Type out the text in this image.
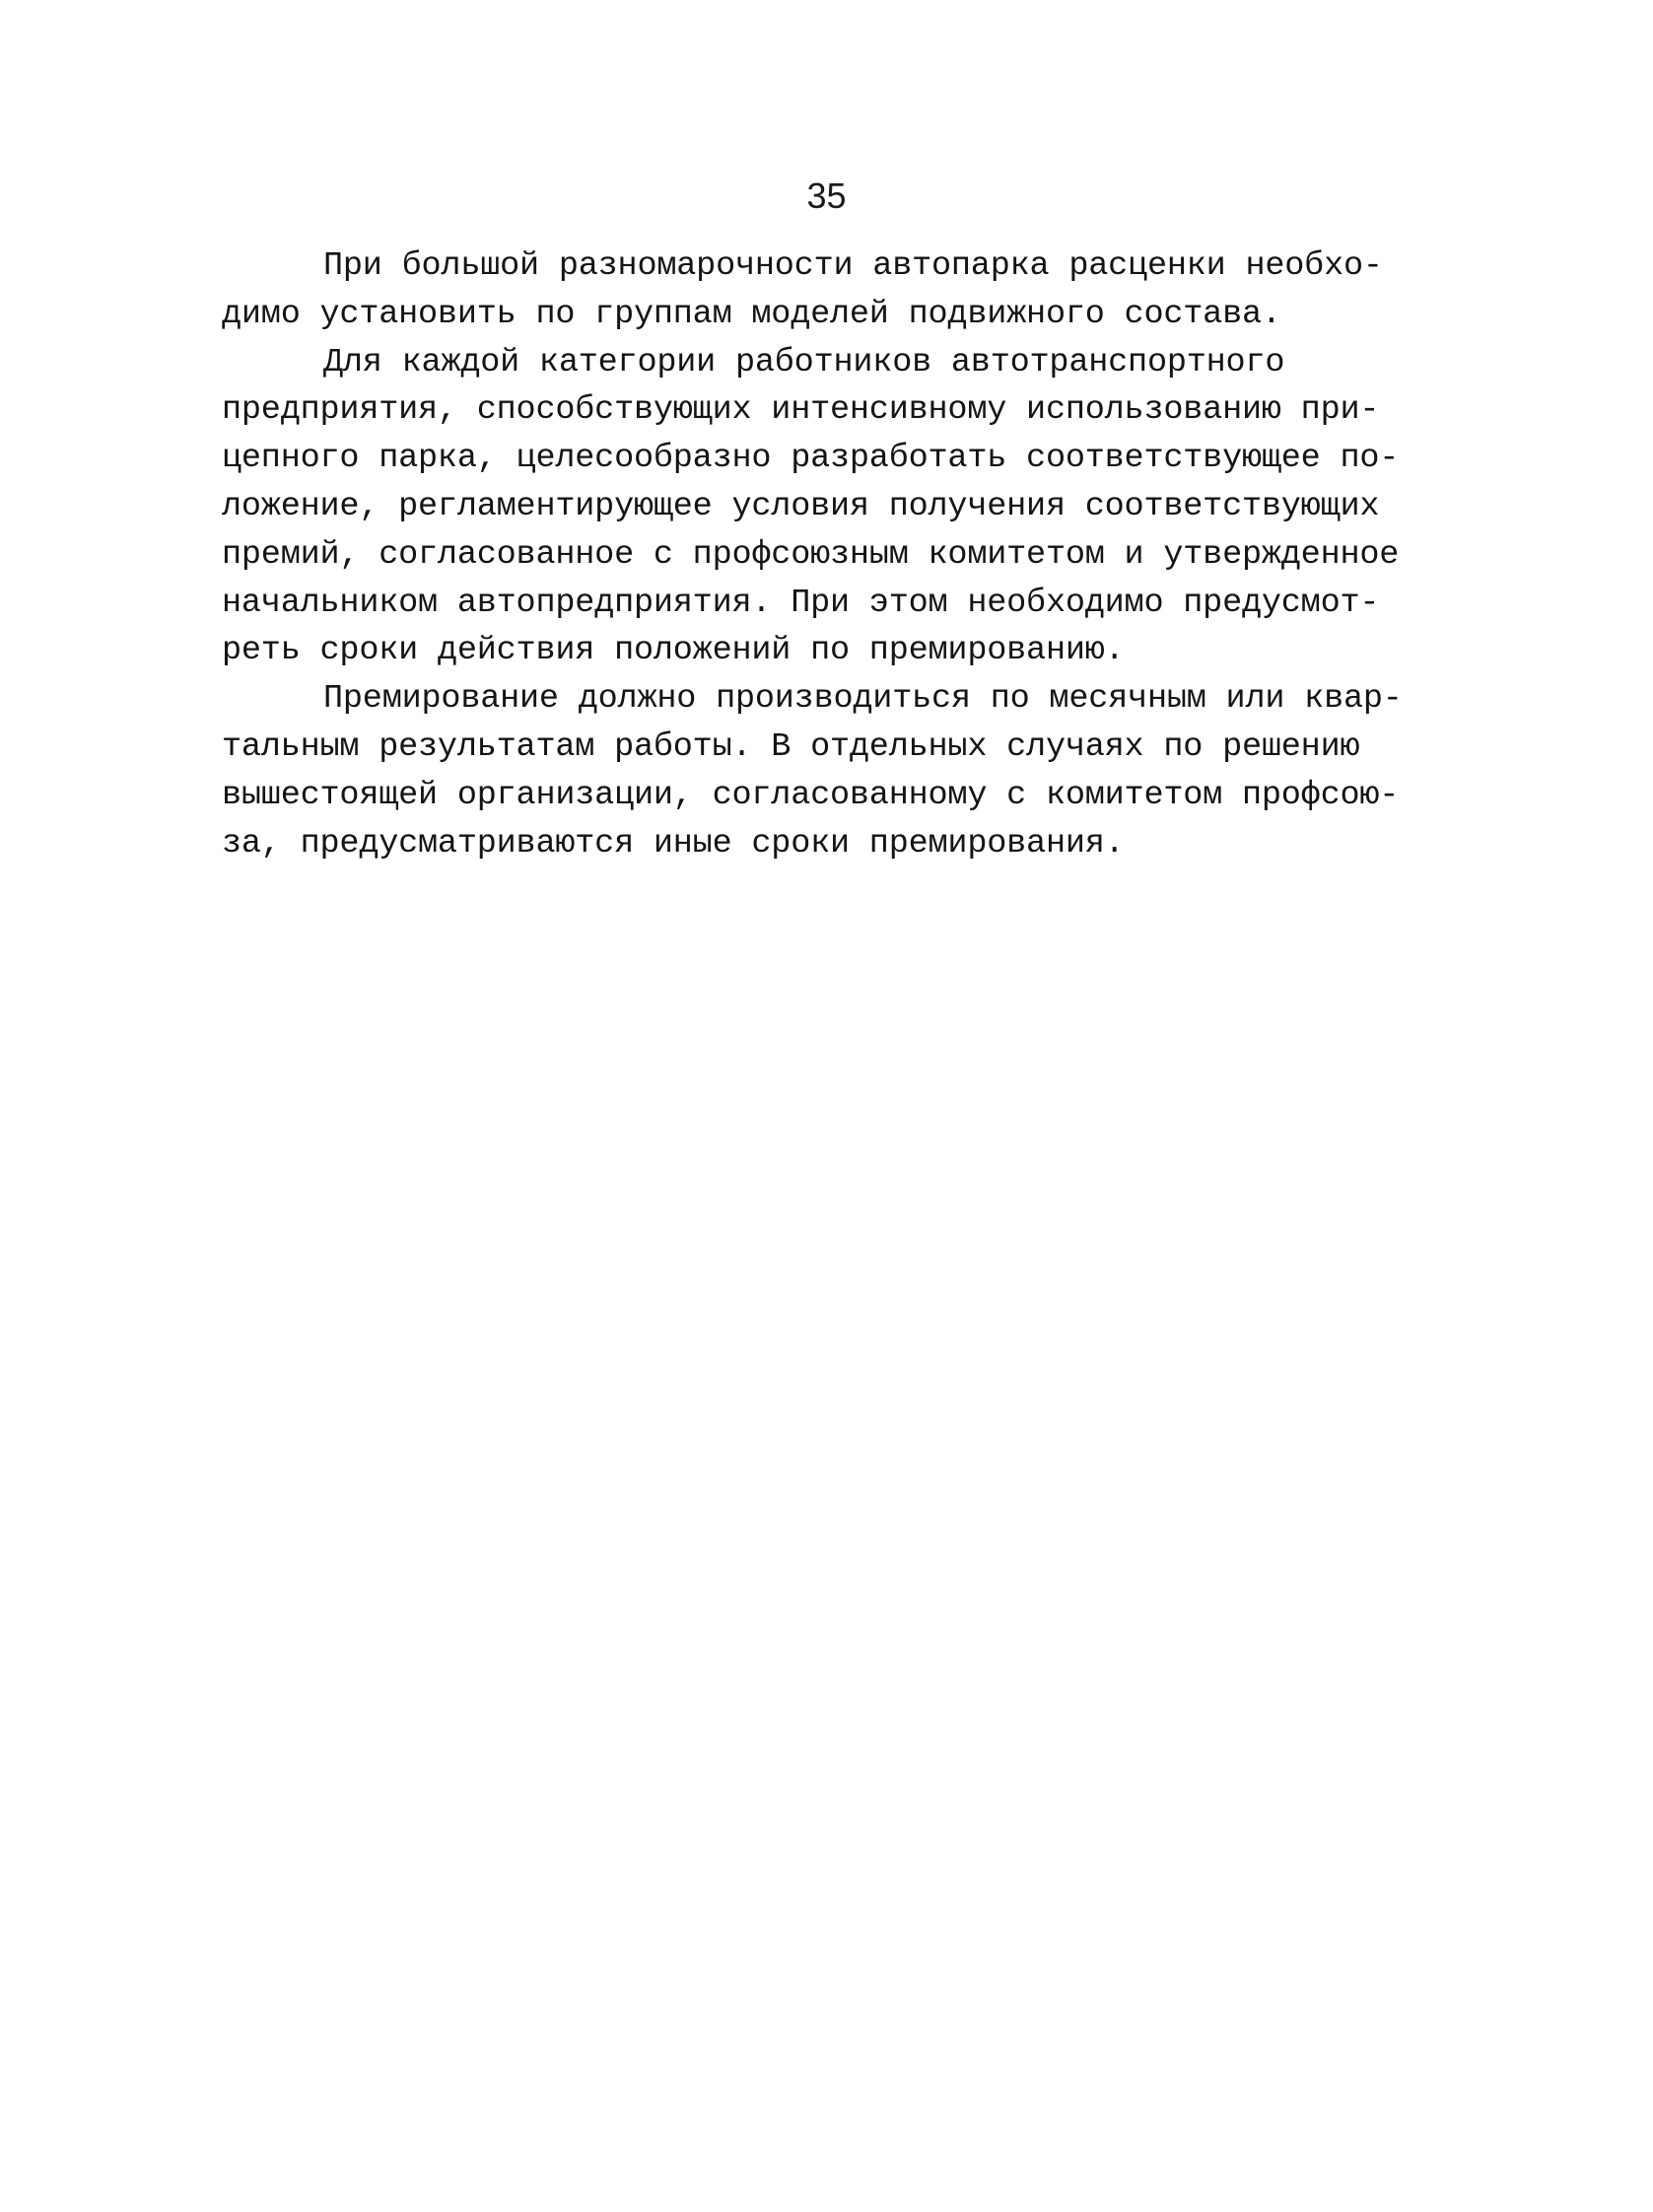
35
При большой разномарочности автопарка расценки необхо-
димо установить по группам моделей подвижного состава.
Для каждой категории работников автотранспортного
предприятия, способствующих интенсивному использованию при-
цепного парка, целесообразно разработать соответствующее по-
ложение, регламентирующее условия получения соответствующих
премий, согласованное с профсоюзным комитетом и утвержденное
начальником автопредприятия. При этом необходимо предусмот-
реть сроки действия положений по премированию.
Премирование должно производиться по месячным или квар-
тальным результатам работы. В отдельных случаях по решению
вышестоящей организации, согласованному с комитетом профсою-
за, предусматриваются иные сроки премирования.
